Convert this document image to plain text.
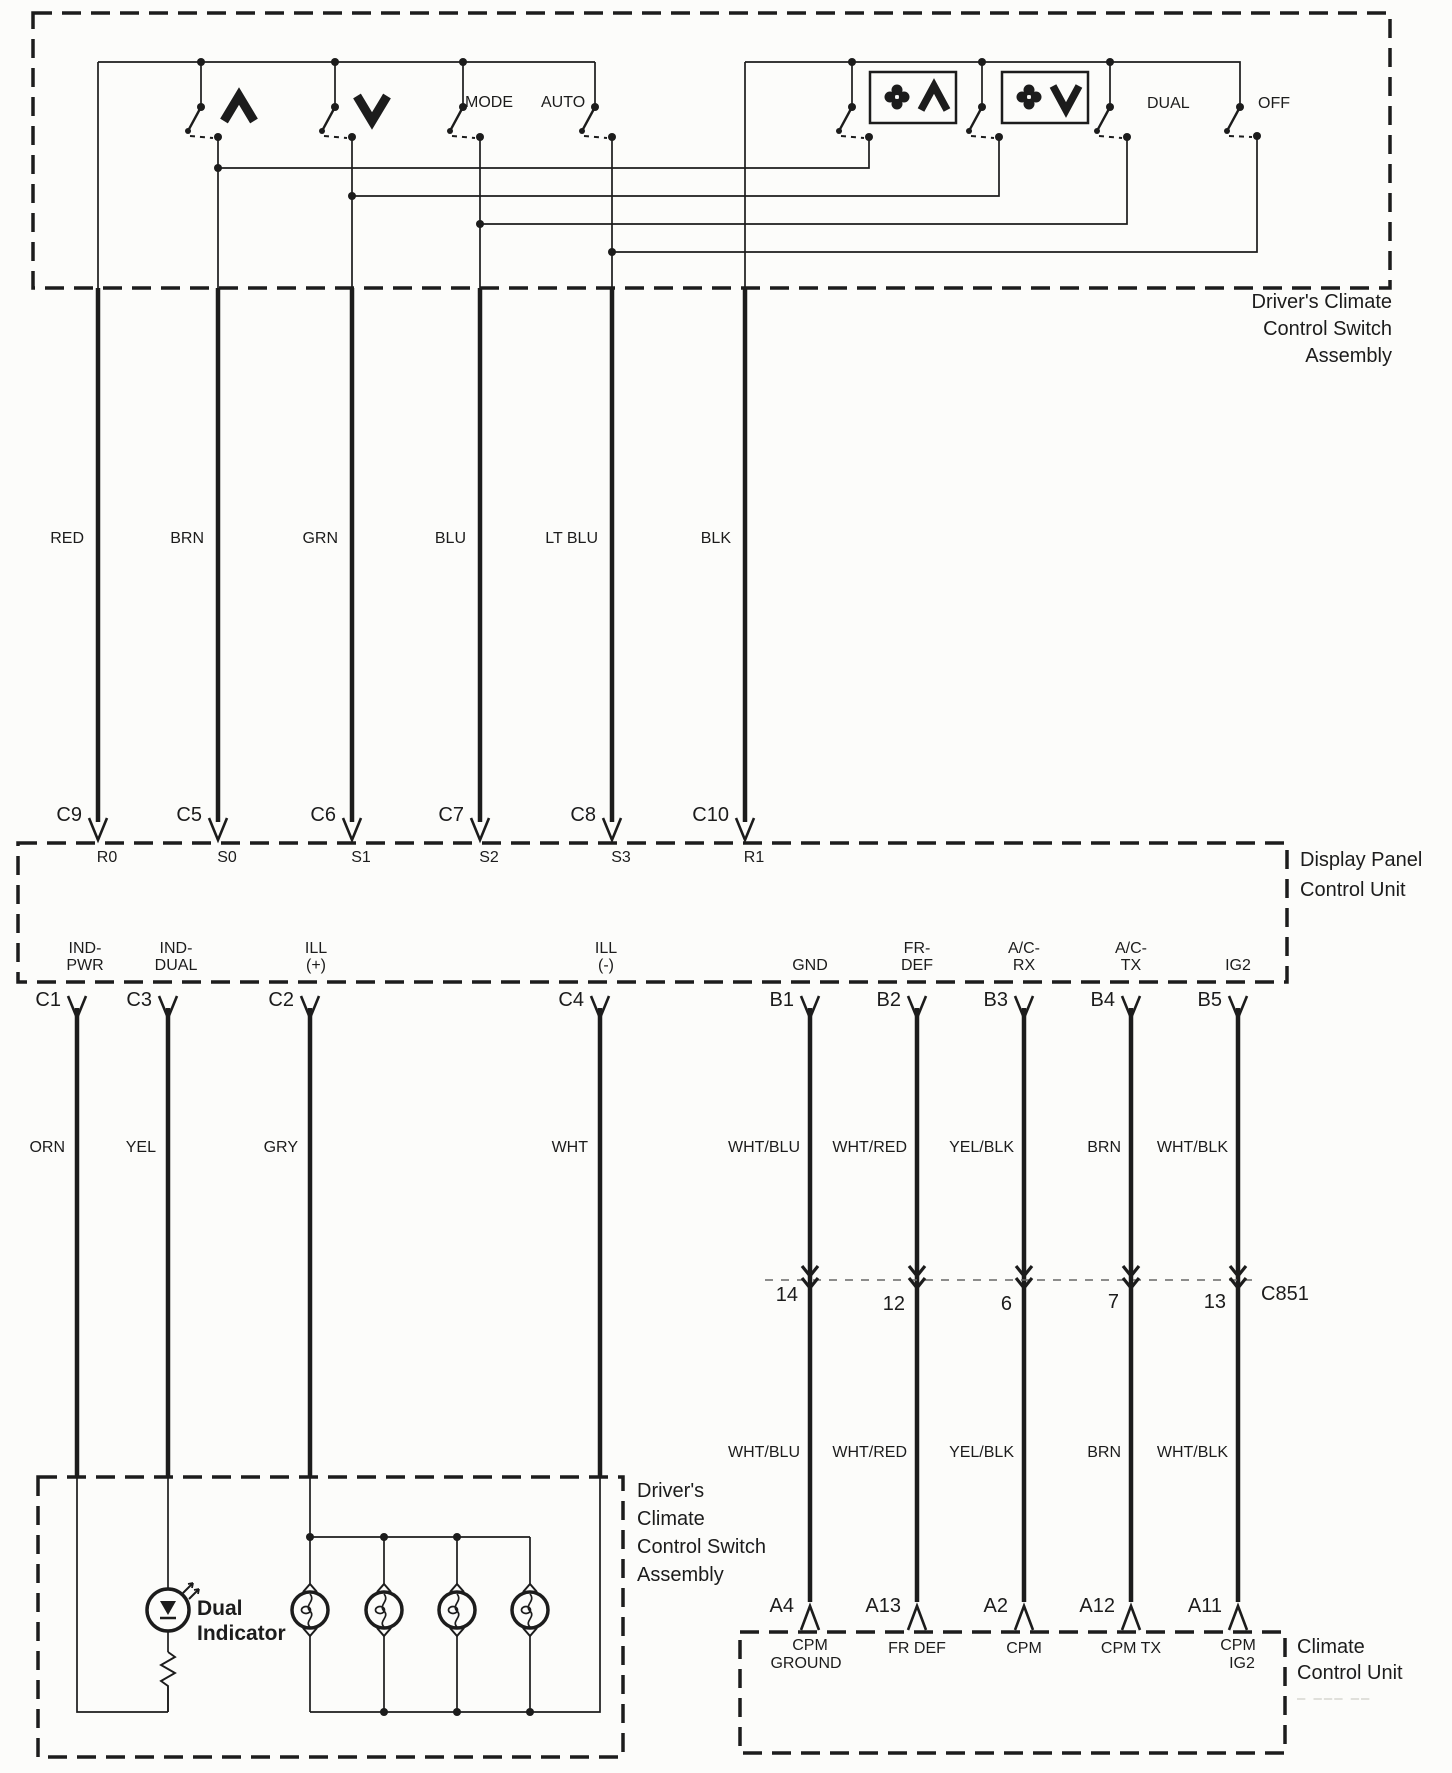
Driver's Climate
Control Switch
Assembly
Display Panel
Control Unit
Driver's
Climate
Control Switch
Assembly
Climate
Control Unit
– ––– ––
MODE AUTO	DUAL	OFF
RED	BRN	GRN	BLU	LT BLU	BLK
C9	C5	C6	C7	C8	C10
R0	S0	S1	S2	S3	R1
IND-
PWR
IND-
DUAL
ILL
(+)
ILL
(-)
C1	C3	C2	C4
ORN	YEL	GRY	WHT
GND
FR-
DEF
A/C-
RX
A/C-
TX	IG2
B1	B2	B3	B4	B5
WHT/BLU WHT/RED	YEL/BLK	BRN WHT/BLK
14	12	6	7	13 C851
WHT/BLU WHT/RED	YEL/BLK	BRN WHT/BLK
A4	A13	A2	A12	A11
CPM
GROUND
FR DEF	CPM	CPM TX	CPM
IG2
Dual
Indicator
